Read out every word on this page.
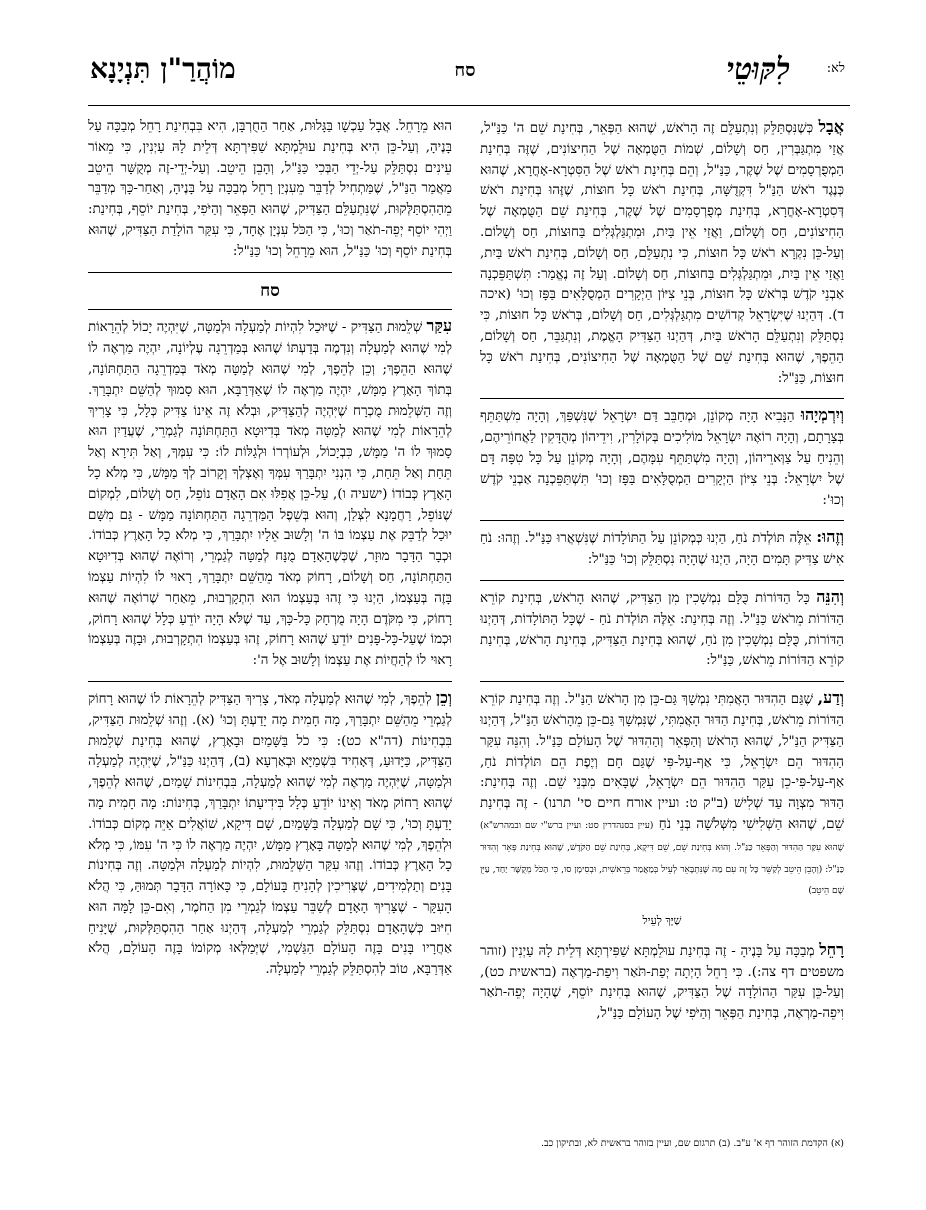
מוֹהֲרַ"ן תִּנְיָנָא	סח	לִקּוּטֵי	לא:

אֲבָל כְּשֶׁנִּסְתַּלֵּק וְנִתְעַלֵּם זֶה הָרֹאשׁ, שֶׁהוּא הַפְּאֵר, בְּחִינַת שֵׁם ה' כַּנַּ"ל, אֲזַי מִתְגַּבְּרִין, חַס וְשָׁלוֹם, שְׁמוֹת הַטֻּמְאָה שֶׁל הַחִיצוֹנִים, שֶׁזֶּה בְּחִינַת הַמְפֻרְסָמִים שֶׁל שֶׁקֶר, כַּנַּ"ל, וְהֵם בְּחִינַת רֹאשׁ שֶׁל הַסִּטְרָא-אָחֳרָא, שֶׁהוּא כְּנֶגֶד רֹאשׁ הַנַּ"ל דִּקְדֻשָּׁה, בְּחִינַת רֹאשׁ כָּל חוּצוֹת, שֶׁזֶּהוּ בְּחִינַת רֹאשׁ דְּסִטְרָא-אָחֳרָא, בְּחִינַת מְפֻרְסָמִים שֶׁל שֶׁקֶר, בְּחִינַת שֵׁם הַטֻּמְאָה שֶׁל הַחִיצוֹנִים, חַס וְשָׁלוֹם, וַאֲזַי אֵין בַּיִת, וּמִתְגַּלְגְּלִים בַּחוּצוֹת, חַס וְשָׁלוֹם. וְעַל-כֵּן נִקְרָא רֹאשׁ כָּל חוּצוֹת, כִּי נִתְעַלֵּם, חַס וְשָׁלוֹם, בְּחִינַת רֹאשׁ בַּיִת, וַאֲזַי אֵין בַּיִת, וּמִתְגַּלְגְּלִים בַּחוּצוֹת, חַס וְשָׁלוֹם. וְעַל זֶה נֶאֱמַר: תִּשְׁתַּפֵּכְנָה אַבְנֵי קֹדֶשׁ בְּרֹאשׁ כָּל חוּצוֹת, בְּנֵי צִיּוֹן הַיְקָרִים הַמְסֻלָּאִים בַּפָּז וְכוּ' (איכה ד). דְּהַיְנוּ שֶׁיִּשְׂרָאֵל קְדוֹשִׁים מִתְגַּלְגְּלִים, חַס וְשָׁלוֹם, בְּרֹאשׁ כָּל חוּצוֹת, כִּי נִסְתַּלֵּק וְנִתְעַלֵּם הָרֹאשׁ בַּיִת, דְּהַיְנוּ הַצַּדִּיק הָאֱמֶת, וְנִתְגַּבֵּר, חַס וְשָׁלוֹם, הַהֵפֶךְ, שֶׁהוּא בְּחִינַת שֵׁם שֶׁל הַטֻּמְאָה שֶׁל הַחִיצוֹנִים, בְּחִינַת רֹאשׁ כָּל חוּצוֹת, כַּנַּ"ל:

וְיִרְמְיָהוּ הַנָּבִיא הָיָה מְקוֹנֵן, וּמְחַבֵּב דַּם יִשְׂרָאֵל שֶׁנִּשְׁפַּךְ, וְהָיָה מִשְׁתַּתֵּף בְּצָרָתָם, וְהָיָה רוֹאֶה יִשְׂרָאֵל מוֹלִיכִים בְּקוֹלָרִין, וִידֵיהוֹן מְהֻדָּקִין לַאֲחוֹרֵיהֶם, וְהֵנִיחַ עַל צַוְּארֵיהוֹן, וְהָיָה מִשְׁתַּתֵּף עִמָּהֶם, וְהָיָה מְקוֹנֵן עַל כָּל טִפָּה דָּם שֶׁל יִשְׂרָאֵל: בְּנֵי צִיּוֹן הַיְקָרִים הַמְסֻלָּאִים בַּפָּז וְכוּ' תִּשְׁתַּפֵּכְנָה אַבְנֵי קֹדֶשׁ וְכוּ':

וְזֶהוּ: אֵלֶּה תּוֹלְדֹת נֹחַ, הַיְנוּ כְּמְקוֹנֵן עַל הַתּוֹלָדוֹת שֶׁנִּשְׁאֲרוּ כַּנַּ"ל. וְזֶהוּ: נֹחַ אִישׁ צַדִּיק תָּמִים הָיָה, הַיְנוּ שֶׁהָיָה נִסְתַּלֵּק וְכוּ' כַּנַּ"ל:

וְהִנֵּה כָּל הַדּוֹרוֹת כֻּלָּם נִמְשָׁכִין מִן הַצַּדִּיק, שֶׁהוּא הָרֹאשׁ, בְּחִינַת קוֹרֵא הַדּוֹרוֹת מֵרֹאשׁ כַּנַּ"ל. וְזֶה בְּחִינַת: אֵלֶּה תּוֹלְדֹת נֹחַ - שֶׁכָּל הַתּוֹלָדוֹת, דְּהַיְנוּ הַדּוֹרוֹת, כֻּלָּם נִמְשָׁכִין מִן נֹחַ, שֶׁהוּא בְּחִינַת הַצַּדִּיק, בְּחִינַת הָרֹאשׁ, בְּחִינַת קוֹרֵא הַדּוֹרוֹת מֵרֹאשׁ, כַּנַּ"ל:

וְדַע, שֶׁגַּם הַהִדּוּר הָאֲמִתִּי נִמְשָׁךְ גַּם-כֵּן מִן הָרֹאשׁ הַנַּ"ל. וְזֶה בְּחִינַת קוֹרֵא הַדּוֹרוֹת מֵרֹאשׁ, בְּחִינַת הַדּוּר הָאֲמִתִּי, שֶׁנִּמְשָׁךְ גַּם-כֵּן מֵהָרֹאשׁ הַנַּ"ל, דְּהַיְנוּ הַצַּדִּיק הַנַּ"ל, שֶׁהוּא הָרֹאשׁ וְהַפְּאֵר וְהַהִדּוּר שֶׁל הָעוֹלָם כַּנַּ"ל. וְהִנֵּה עִקַּר הַהִדּוּר הֵם יִשְׂרָאֵל, כִּי אַף-עַל-פִּי שֶׁגַּם חָם וְיֶפֶת הֵם תּוֹלְדוֹת נֹחַ, אַף-עַל-פִּי-כֵן עִקַּר הַהִדּוּר הֵם יִשְׂרָאֵל, שֶׁבָּאִים מִבְּנֵי שֵׁם. וְזֶה בְּחִינַת: הַדּוּר מִצְוָה עַד שְׁלִישׁ (ב"ק ט: ועיין אורח חיים סי' תרנו) - זֶה בְּחִינַת שֵׁם, שֶׁהוּא הַשְּׁלִישִׁי מִשְּׁלֹשָׁה בְּנֵי נֹחַ (עיין בסנהדרין סט: ועיין ברש"י שם ובמהרש"א) שֶׁהוּא עִקַּר הַהִדּוּר וְהַפְּאֵר כַּנַּ"ל. וְהוּא בְּחִינַת שֵׁם, שֵׁם דִּיקָא, בְּחִינַת שֵׁם הַקֹּדֶשׁ, שֶׁהוּא בְּחִינַת פְּאֵר וְהִדּוּר כַּנַּ"ל: (וְהָבֵן הֵיטֵב לְקַשֵּׁר כָּל זֶה עִם מַה שֶּׁנִּתְבָּאֵר לְעֵיל בְּמַאֲמַר בְּרֵאשִׁית, וּבְסִימָן סו, כִּי הַכֹּל מְקֻשָּׁר יַחַד, עַיֵּן שָׁם הֵיטֵב)

שַׁיָּךְ לְעֵיל

רָחֵל מְבַכָּה עַל בָּנֶיהָ - זֶה בְּחִינַת עוּלֵמְתָּא שַׁפִּירְתָּא דְּלֵית לָהּ עַיְנִין (זוהר משפטים דף צה:). כִּי רָחֵל הָיְתָה יְפַת-תֹּאַר וִיפַת-מַרְאֶה (בראשית כט), וְעַל-כֵּן עִקַּר הַהוֹלָדָה שֶׁל הַצַּדִּיק, שֶׁהוּא בְּחִינַת יוֹסֵף, שֶׁהָיָה יְפֵה-תֹאַר וִיפֵה-מַרְאֶה, בְּחִינַת הַפְּאֵר וְהַיֹּפִי שֶׁל הָעוֹלָם כַּנַּ"ל,

הוּא מֵרָחֵל. אֲבָל עַכְשָׁו בַּגָּלוּת, אַחַר הַחֻרְבָּן, הִיא בִּבְחִינַת רָחֵל מְבַכָּה עַל בָּנֶיהָ, וְעַל-כֵּן הִיא בְּחִינַת עוּלֵמְתָּא שַׁפִּירְתָּא דְּלֵית לָהּ עַיְנִין, כִּי מֵאוֹר עֵינִים נִסְתַּלֵּק עַל-יְדֵי הַבְּכִי כַּנַּ"ל, וְהָבֵן הֵיטֵב. וְעַל-יְדֵי-זֶה מְקֻשָּׁר הֵיטֵב מַאֲמַר הַנַּ"ל, שֶׁמַּתְחִיל לְדַבֵּר מֵעִנְיַן רָחֵל מְבַכָּה עַל בָּנֶיהָ, וְאַחַר-כָּךְ מְדַבֵּר מֵהַהִסְתַּלְּקוּת, שֶׁנִּתְעַלֵּם הַצַּדִּיק, שֶׁהוּא הַפְּאֵר וְהַיֹּפִי, בְּחִינַת יוֹסֵף, בְּחִינַת: וַיְהִי יוֹסֵף יְפֵה-תֹאַר וְכוּ', כִּי הַכֹּל עִנְיָן אֶחָד, כִּי עִקַּר הוֹלָדַת הַצַּדִּיק, שֶׁהוּא בְּחִינַת יוֹסֵף וְכוּ' כַּנַּ"ל, הוּא מֵרָחֵל וְכוּ' כַּנַּ"ל:

סח

עִקַּר שְׁלֵמוּת הַצַּדִּיק - שֶׁיּוּכַל לִהְיוֹת לְמַעְלָה וּלְמַטָּה, שֶׁיִּהְיֶה יָכוֹל לְהֵרָאוֹת לְמִי שֶׁהוּא לְמַעְלָה וְנִדְמֶה בְּדַעְתּוֹ שֶׁהוּא בְּמַדְרֵגָה עֶלְיוֹנָה, יִהְיֶה מַרְאֶה לוֹ שֶׁהוּא הַהֵפֶךְ; וְכֵן לְהֵפֶךְ, לְמִי שֶׁהוּא לְמַטָּה מְאֹד בְּמַדְרֵגָה הַתַּחְתּוֹנָה, בְּתוֹךְ הָאָרֶץ מַמָּשׁ, יִהְיֶה מַרְאֶה לוֹ שֶׁאַדְּרַבָּא, הוּא סָמוּךְ לְהַשֵּׁם יִתְבָּרַךְ. וְזֶה הַשְּׁלֵמוּת מֻכְרָח שֶׁיִּהְיֶה לְהַצַּדִּיק, וּבְלֹא זֶה אֵינוֹ צַדִּיק כְּלָל, כִּי צָרִיךְ לְהֵרָאוֹת לְמִי שֶׁהוּא לְמַטָּה מְאֹד בְּדִיוּטָא הַתַּחְתּוֹנָה לְגַמְרֵי, שֶׁעֲדַיִן הוּא סָמוּךְ לוֹ ה' מַמָּשׁ, כִּבְיָכוֹל, וּלְעוֹרְרוֹ וּלְגַלּוֹת לוֹ: כִּי עִמְּךָ, וְאַל תִּירָא וְאַל תֵּחַת וְאַל תֵּחַת, כִּי הִנְנִי יִתְבָּרַךְ עִמְּךָ וְאֶצְלְךָ וְקָרוֹב לְךָ מַמָּשׁ, כִּי מְלֹא כָל הָאָרֶץ כְּבוֹדוֹ (ישעיה ו), עַל-כֵּן אֲפִלּוּ אִם הָאָדָם נוֹפֵל, חַס וְשָׁלוֹם, לִמְקוֹם שֶׁנּוֹפֵל, רַחֲמָנָא לִצְּלַן, וְהוּא בְּשֵׁפֶל הַמַּדְרֵגָה הַתַּחְתּוֹנָה מַמָּשׁ - גַּם מִשָּׁם יוּכַל לְדַבֵּק אֶת עַצְמוֹ בּוֹ ה' וְלָשׁוּב אֵלָיו יִתְבָּרַךְ, כִּי מְלֹא כָל הָאָרֶץ כְּבוֹדוֹ. וּכְבָר הַדָּבָר מוּזָר, שֶׁכְּשֶׁהָאָדָם מֻנָּח לְמַטָּה לְגַמְרֵי, וְרוֹאֶה שֶׁהוּא בְּדִיוּטָא הַתַּחְתּוֹנָה, חַס וְשָׁלוֹם, רָחוֹק מְאֹד מֵהַשֵּׁם יִתְבָּרַךְ, רָאוּי לוֹ לִהְיוֹת עַצְמוֹ בָּזֶה בְּעַצְמוֹ, הַיְנוּ כִּי זֶהוּ בְּעַצְמוֹ הוּא הִתְקָרְבוּת, מֵאַחַר שֶׁרוֹאֶה שֶׁהוּא רָחוֹק, כִּי מִקֹּדֶם הָיָה מֻרְחָק כָּל-כָּךְ, עַד שֶׁלֹּא הָיָה יוֹדֵעַ כְּלָל שֶׁהוּא רָחוֹק, וּכְמוֹ שֶׁעַל-כָּל-פָּנִים יוֹדֵעַ שֶׁהוּא רָחוֹק, זֶהוּ בְּעַצְמוֹ הִתְקָרְבוּת, וּבָזֶה בְּעַצְמוֹ רָאוּי לוֹ לְהַחֲיוֹת אֶת עַצְמוֹ וְלָשׁוּב אֶל ה':

וְכֵן לְהֵפֶךְ, לְמִי שֶׁהוּא לְמַעְלָה מְאֹד, צָרִיךְ הַצַּדִּיק לְהֵרָאוֹת לוֹ שֶׁהוּא רָחוֹק לְגַמְרֵי מֵהַשֵּׁם יִתְבָּרַךְ, מָה חָמִית מָה יָדַעְתָּ וְכוּ' (א). וְזֶהוּ שְׁלֵמוּת הַצַּדִּיק, בִּבְחִינוֹת (דה"א כט): כִּי כֹל בַּשָּׁמַיִם וּבָאָרֶץ, שֶׁהוּא בְּחִינַת שְׁלֵמוּת הַצַּדִּיק, כַּיָּדוּעַ, דְּאָחִיד בִּשְׁמַיָּא וּבְאַרְעָא (ב), דְּהַיְנוּ כַּנַּ"ל, שֶׁיִּהְיֶה לְמַעְלָה וּלְמַטָּה, שֶׁיִּהְיֶה מַרְאֶה לְמִי שֶׁהוּא לְמַעְלָה, בִּבְחִינוֹת שָׁמַיִם, שֶׁהוּא לְהֵפֶךְ, שֶׁהוּא רָחוֹק מְאֹד וְאֵינוֹ יוֹדֵעַ כְּלָל בִּידִיעָתוֹ יִתְבָּרַךְ, בְּחִינוֹת: מָה חָמִית מָה יָדַעְתָּ וְכוּ', כִּי שָׁם לְמַעְלָה בַּשָּׁמַיִם, שָׁם דִּיקָא, שׁוֹאֲלִים אַיֵּה מְקוֹם כְּבוֹדוֹ. וּלְהֵפֶךְ, לְמִי שֶׁהוּא לְמַטָּה בָּאָרֶץ מַמָּשׁ, יִהְיֶה מַרְאֶה לוֹ כִּי ה' עִמּוֹ, כִּי מְלֹא כָל הָאָרֶץ כְּבוֹדוֹ. וְזֶהוּ עִקַּר הַשְּׁלֵמוּת, לִהְיוֹת לְמַעְלָה וּלְמַטָּה. וְזֶה בְּחִינוֹת בָּנִים וְתַלְמִידִים, שֶׁצְּרִיכִין לְהָנִיחַ בָּעוֹלָם, כִּי כָּאוֹרָה הַדָּבָר תְּמוּהַּ, כִּי הֲלֹא הָעִקָּר - שֶׁצָּרִיךְ הָאָדָם לְשַׁבֵּר עַצְמוֹ לְגַמְרֵי מִן הַחֹמֶר, וְאִם-כֵּן לָמָּה הוּא חִיּוּב כְּשֶׁהָאָדָם נִסְתַּלֵּק לְגַמְרֵי לְמַעְלָה, דְּהַיְנוּ אַחַר הַהִסְתַּלְּקוּת, שֶׁיָּנִיחַ אַחֲרָיו בָּנִים בָּזֶה הָעוֹלָם הַגַּשְׁמִי, שֶׁיְּמַלְּאוּ מְקוֹמוֹ בָּזֶה הָעוֹלָם, הֲלֹא אַדְּרַבָּא, טוֹב לְהִסְתַּלֵּק לְגַמְרֵי לְמַעְלָה.

(א) הקדמת הזוהר דף א' ע"ב. (ב) תרגום שם, ועיין בזוהר בראשית לא, ובתיקון כב.
